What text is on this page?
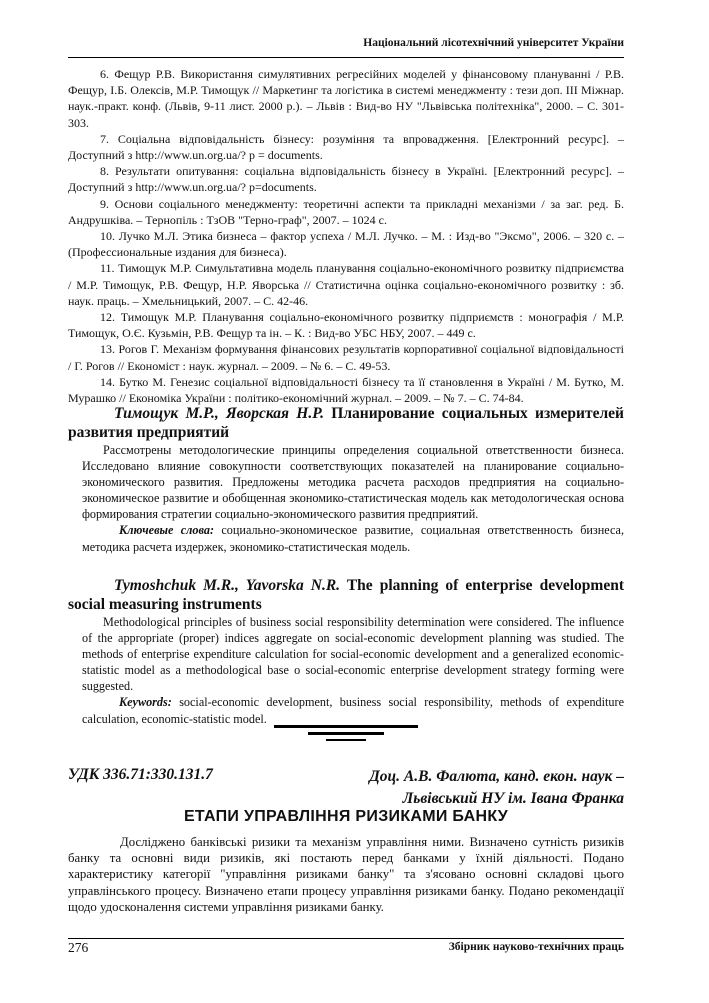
Національний лісотехнічний університет України

6. Фещур Р.В. Використання симулятивних регресійних моделей у фінансовому плануванні / Р.В. Фещур, І.Б. Олексів, М.Р. Тимощук // Маркетинг та логістика в системі менеджменту : тези доп. III Міжнар. наук.-практ. конф. (Львів, 9-11 лист. 2000 р.). – Львів : Вид-во НУ "Львівська політехніка", 2000. – С. 301-303.

7. Соціальна відповідальність бізнесу: розуміння та впровадження. [Електронний ресурс]. – Доступний з http://www.un.org.ua/? p = documents.

8. Результати опитування: соціальна відповідальність бізнесу в Україні. [Електронний ресурс]. – Доступний з http://www.un.org.ua/? p=documents.

9. Основи соціального менеджменту: теоретичні аспекти та прикладні механізми / за заг. ред. Б. Андрушківа. – Тернопіль : ТзОВ "Терно-граф", 2007. – 1024 с.

10. Лучко М.Л. Этика бизнеса – фактор успеха / М.Л. Лучко. – М. : Изд-во "Эксмо", 2006. – 320 с. – (Профессиональные издания для бизнеса).

11. Тимощук М.Р. Симультативна модель планування соціально-економічного розвитку підприємства / М.Р. Тимощук, Р.В. Фещур, Н.Р. Яворська // Статистична оцінка соціально-економічного розвитку : зб. наук. праць. – Хмельницький, 2007. – С. 42-46.

12. Тимощук М.Р. Планування соціально-економічного розвитку підприємств : монографія / М.Р. Тимощук, О.Є. Кузьмін, Р.В. Фещур та ін. – К. : Вид-во УБС НБУ, 2007. – 449 с.

13. Рогов Г. Механізм формування фінансових результатів корпоративної соціальної відповідальності / Г. Рогов // Економіст : наук. журнал. – 2009. – № 6. – С. 49-53.

14. Бутко М. Генезис соціальної відповідальності бізнесу та її становлення в Україні / М. Бутко, М. Мурашко // Економіка України : політико-економічний журнал. – 2009. – № 7. – С. 74-84.

Тимощук М.Р., Яворская Н.Р. Планирование социальных измерителей развития предприятий

Рассмотрены методологические принципы определения социальной ответственности бизнеса. Исследовано влияние совокупности соответствующих показателей на планирование социально-экономического развития. Предложены методика расчета расходов предприятия на социально-экономическое развитие и обобщенная экономико-статистическая модель как методологическая основа формирования стратегии социально-экономического развития предприятий.

Ключевые слова: социально-экономическое развитие, социальная ответственность бизнеса, методика расчета издержек, экономико-статистическая модель.

Tymoshchuk M.R., Yavorska N.R. The planning of enterprise development social measuring instruments

Methodological principles of business social responsibility determination were considered. The influence of the appropriate (proper) indices aggregate on social-economic development planning was studied. The methods of enterprise expenditure calculation for social-economic development and a generalized economic-statistic model as a methodological base o social-economic enterprise development strategy forming were suggested.

Keywords: social-economic development, business social responsibility, methods of expenditure calculation, economic-statistic model.

УДК 336.71:330.131.7	Доц. А.В. Фалюта, канд. екон. наук –
Львівський НУ ім. Івана Франка
ЕТАПИ УПРАВЛІННЯ РИЗИКАМИ БАНКУ

Досліджено банківські ризики та механізм управління ними. Визначено сутність ризиків банку та основні види ризиків, які постають перед банками у їхній діяльності. Подано характеристику категорії "управління ризиками банку" та з'ясовано основні складові цього управлінського процесу. Визначено етапи процесу управління ризиками банку. Подано рекомендації щодо удосконалення системи управління ризиками банку.

276	Збірник науково-технічних праць
